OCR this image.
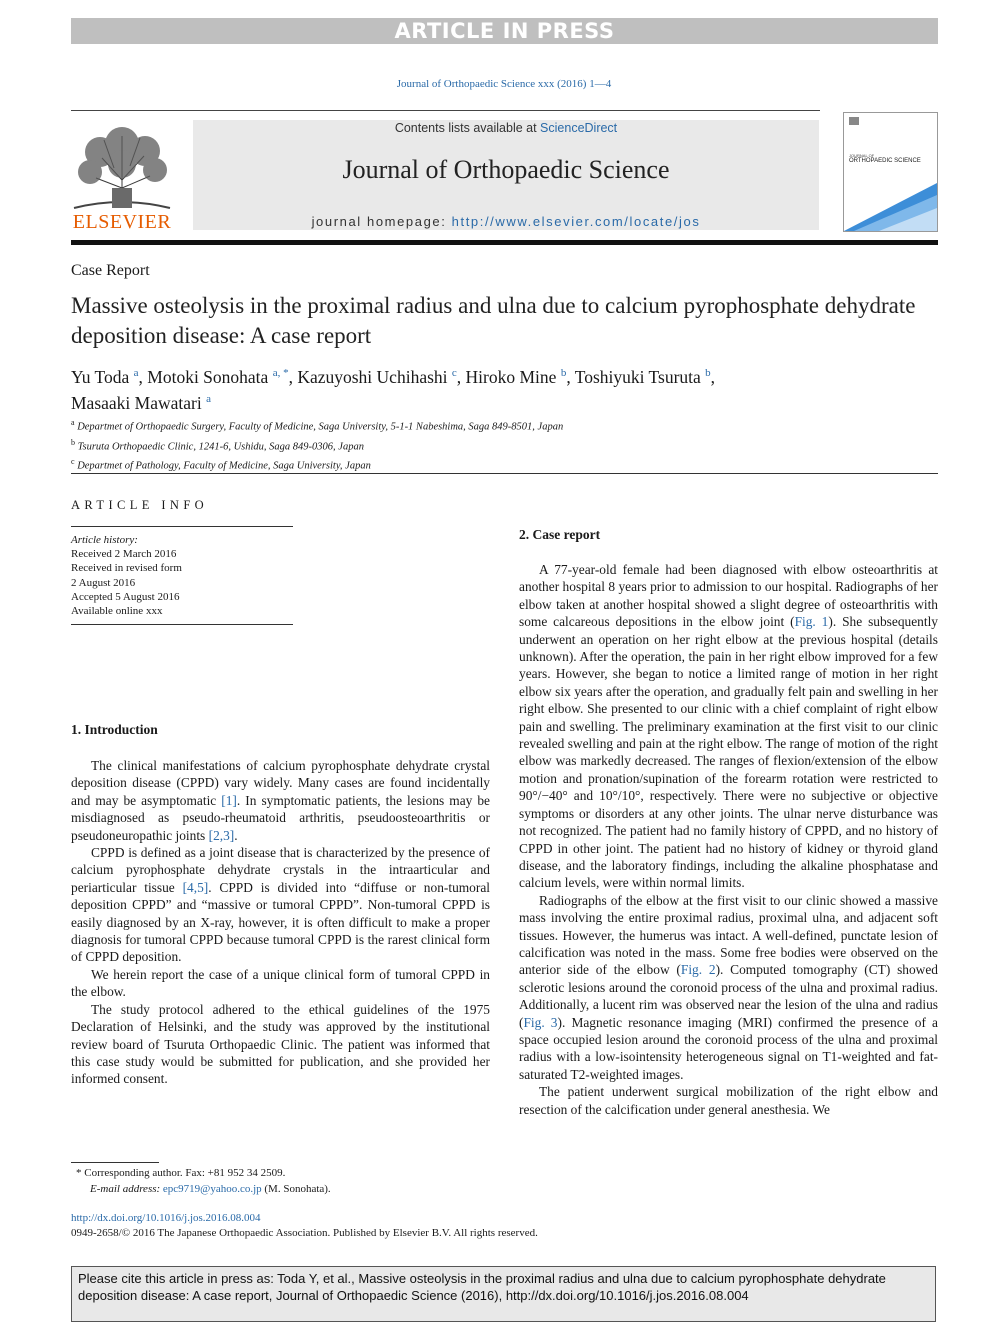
ARTICLE IN PRESS
Journal of Orthopaedic Science xxx (2016) 1—4
ELSEVIER
Contents lists available at ScienceDirect
Journal of Orthopaedic Science
journal homepage: http://www.elsevier.com/locate/jos
JOURNAL OF
ORTHOPAEDIC SCIENCE
Case Report
Massive osteolysis in the proximal radius and ulna due to calcium pyrophosphate dehydrate deposition disease: A case report
Yu Toda $^a$, Motoki Sonohata $^{a, *}$, Kazuyoshi Uchihashi $^c$, Hiroko Mine $^b$, Toshiyuki Tsuruta $^b$,
Masaaki Mawatari $^a$
$^a$ Departmet of Orthopaedic Surgery, Faculty of Medicine, Saga University, 5-1-1 Nabeshima, Saga 849-8501, Japan
$^b$ Tsuruta Orthopaedic Clinic, 1241-6, Ushidu, Saga 849-0306, Japan
$^c$ Departmet of Pathology, Faculty of Medicine, Saga University, Japan
ARTICLE INFO
Article history:
Received 2 March 2016
Received in revised form
2 August 2016
Accepted 5 August 2016
Available online xxx
1. Introduction

The clinical manifestations of calcium pyrophosphate dehydrate crystal deposition disease (CPPD) vary widely. Many cases are found incidentally and may be asymptomatic [1]. In symptomatic patients, the lesions may be misdiagnosed as pseudo-rheumatoid arthritis, pseudoosteoarthritis or pseudoneuropathic joints [2,3].

CPPD is defined as a joint disease that is characterized by the presence of calcium pyrophosphate dehydrate crystals in the intraarticular and periarticular tissue [4,5]. CPPD is divided into “diffuse or non-tumoral deposition CPPD” and “massive or tumoral CPPD”. Non-tumoral CPPD is easily diagnosed by an X-ray, however, it is often difficult to make a proper diagnosis for tumoral CPPD because tumoral CPPD is the rarest clinical form of CPPD deposition.

We herein report the case of a unique clinical form of tumoral CPPD in the elbow.

The study protocol adhered to the ethical guidelines of the 1975 Declaration of Helsinki, and the study was approved by the institutional review board of Tsuruta Orthopaedic Clinic. The patient was informed that this case study would be submitted for publication, and she provided her informed consent.

2. Case report

A 77-year-old female had been diagnosed with elbow osteoarthritis at another hospital 8 years prior to admission to our hospital. Radiographs of her elbow taken at another hospital showed a slight degree of osteoarthritis with some calcareous depositions in the elbow joint (Fig. 1). She subsequently underwent an operation on her right elbow at the previous hospital (details unknown). After the operation, the pain in her right elbow improved for a few years. However, she began to notice a limited range of motion in her right elbow six years after the operation, and gradually felt pain and swelling in her right elbow. She presented to our clinic with a chief complaint of right elbow pain and swelling. The preliminary examination at the first visit to our clinic revealed swelling and pain at the right elbow. The range of motion of the right elbow was markedly decreased. The ranges of flexion/extension of the elbow motion and pronation/supination of the forearm rotation were restricted to 90°/−40° and 10°/10°, respectively. There were no subjective or objective symptoms or disorders at any other joints. The ulnar nerve disturbance was not recognized. The patient had no family history of CPPD, and no history of CPPD in other joint. The patient had no history of kidney or thyroid gland disease, and the laboratory findings, including the alkaline phosphatase and calcium levels, were within normal limits.

Radiographs of the elbow at the first visit to our clinic showed a massive mass involving the entire proximal radius, proximal ulna, and adjacent soft tissues. However, the humerus was intact. A well-defined, punctate lesion of calcification was noted in the mass. Some free bodies were observed on the anterior side of the elbow (Fig. 2). Computed tomography (CT) showed sclerotic lesions around the coronoid process of the ulna and proximal radius. Additionally, a lucent rim was observed near the lesion of the ulna and radius (Fig. 3). Magnetic resonance imaging (MRI) confirmed the presence of a space occupied lesion around the coronoid process of the ulna and proximal radius with a low-isointensity heterogeneous signal on T1-weighted and fat-saturated T2-weighted images.

The patient underwent surgical mobilization of the right elbow and resection of the calcification under general anesthesia. We

* Corresponding author. Fax: +81 952 34 2509.
E-mail address: epc9719@yahoo.co.jp (M. Sonohata).
http://dx.doi.org/10.1016/j.jos.2016.08.004
0949-2658/© 2016 The Japanese Orthopaedic Association. Published by Elsevier B.V. All rights reserved.
Please cite this article in press as: Toda Y, et al., Massive osteolysis in the proximal radius and ulna due to calcium pyrophosphate dehydrate deposition disease: A case report, Journal of Orthopaedic Science (2016), http://dx.doi.org/10.1016/j.jos.2016.08.004
